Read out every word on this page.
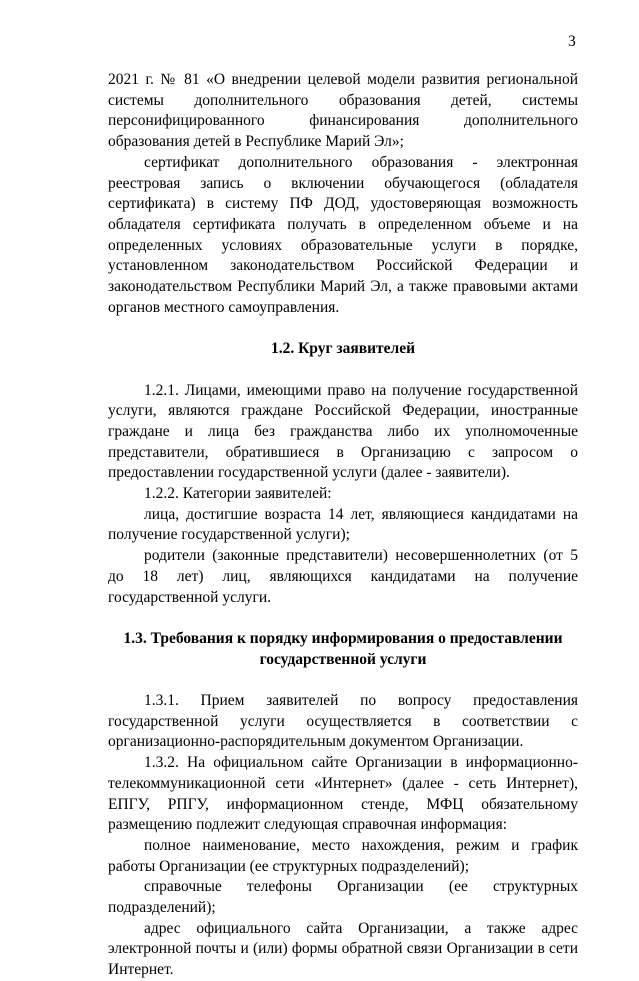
3

2021 г. № 81 «О внедрении целевой модели развития региональной системы дополнительного образования детей, системы персонифицированного финансирования дополнительного образования детей в Республике Марий Эл»;

сертификат дополнительного образования - электронная реестровая запись о включении обучающегося (обладателя сертификата) в систему ПФ ДОД, удостоверяющая возможность обладателя сертификата получать в определенном объеме и на определенных условиях образовательные услуги в порядке, установленном законодательством Российской Федерации и законодательством Республики Марий Эл, а также правовыми актами органов местного самоуправления.

1.2. Круг заявителей

1.2.1. Лицами, имеющими право на получение государственной услуги, являются граждане Российской Федерации, иностранные граждане и лица без гражданства либо их уполномоченные представители, обратившиеся в Организацию с запросом о предоставлении государственной услуги (далее - заявители).

1.2.2. Категории заявителей:

лица, достигшие возраста 14 лет, являющиеся кандидатами на получение государственной услуги);

родители (законные представители) несовершеннолетних (от 5 до 18 лет) лиц, являющихся кандидатами на получение государственной услуги.

1.3. Требования к порядку информирования о предоставлении
государственной услуги

1.3.1. Прием заявителей по вопросу предоставления государственной услуги осуществляется в соответствии с организационно-распорядительным документом Организации.

1.3.2. На официальном сайте Организации в информационно-телекоммуникационной сети «Интернет» (далее - сеть Интернет), ЕПГУ, РПГУ, информационном стенде, МФЦ обязательному размещению подлежит следующая справочная информация:

полное наименование, место нахождения, режим и график работы Организации (ее структурных подразделений);

справочные телефоны Организации (ее структурных подразделений);

адрес официального сайта Организации, а также адрес электронной почты и (или) формы обратной связи Организации в сети Интернет.
